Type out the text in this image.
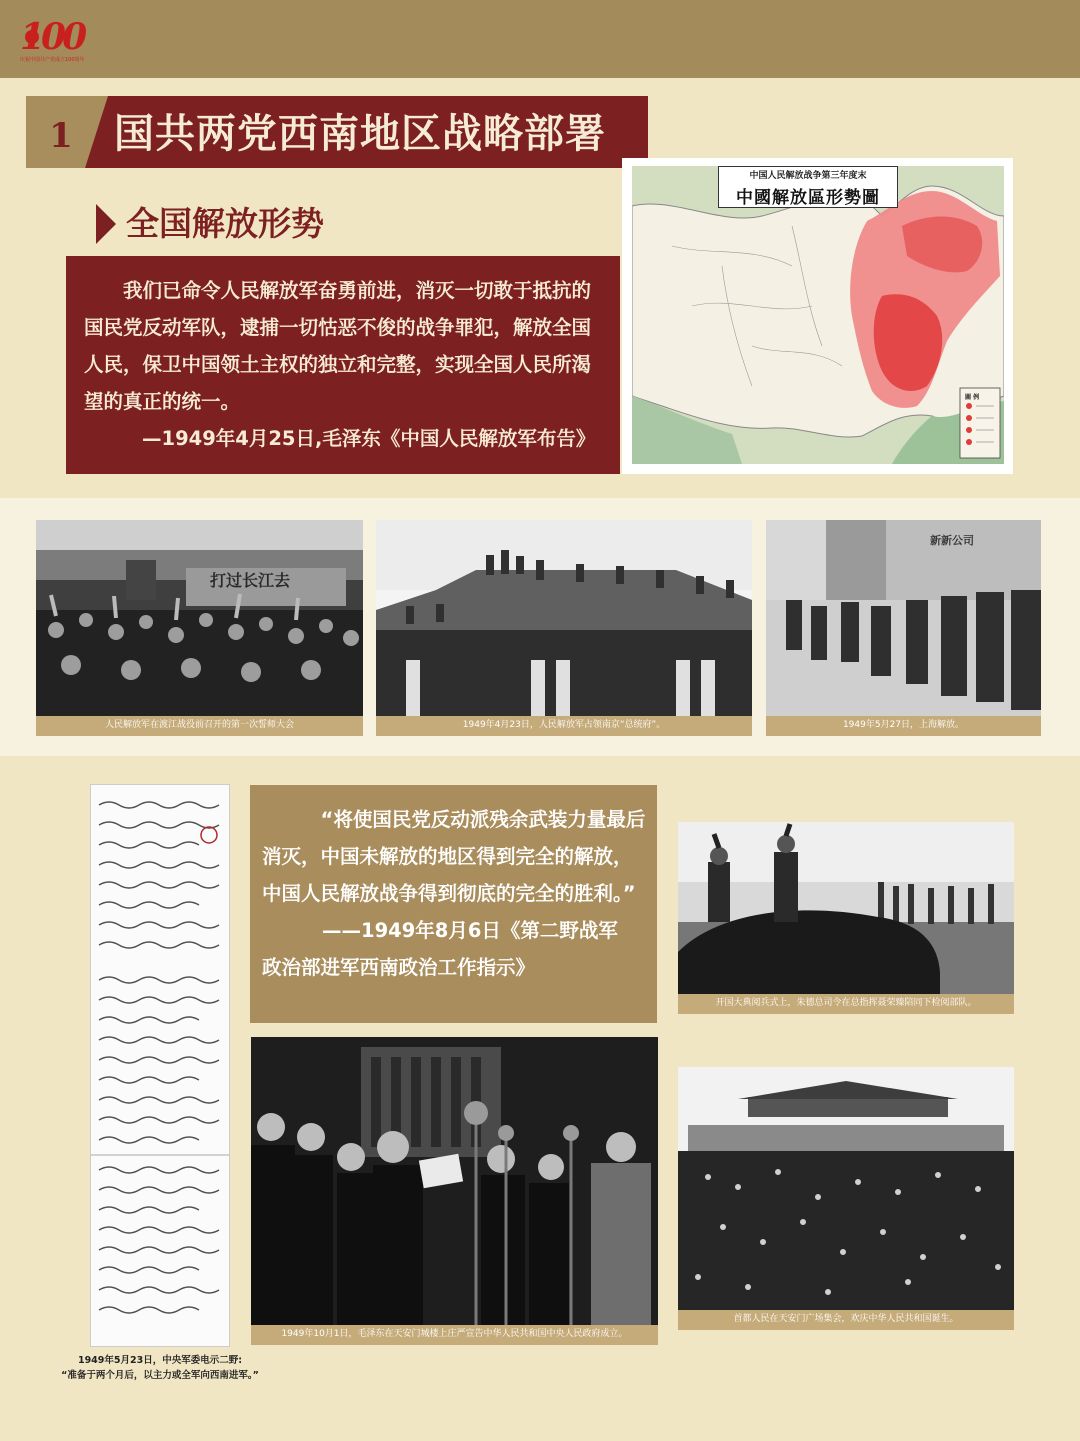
100
庆祝中国共产党成立100周年
1	国共两党西南地区战略部署
全国解放形势
我们已命令人民解放军奋勇前进，消灭一切敢于抵抗的国民党反动军队，逮捕一切怙恶不俊的战争罪犯，解放全国人民，保卫中国领土主权的独立和完整，实现全国人民所渴望的真正的统一。
—1949年4月25日,毛泽东《中国人民解放军布告》
圖 例
中国人民解放战争第三年度末
中國解放區形勢圖
打过长江去
人民解放军在渡江战役前召开的第一次誓师大会	1949年4月23日，人民解放军占领南京“总统府”。
新新公司
1949年5月27日，上海解放。
1949年5月23日，中央军委电示二野:
“准备于两个月后，以主力或全军向西南进军。”
“将使国民党反动派残余武装力量最后消灭，中国未解放的地区得到完全的解放，中国人民解放战争得到彻底的完全的胜利。”
——1949年8月6日《第二野战军
政治部进军西南政治工作指示》
1949年10月1日，毛泽东在天安门城楼上庄严宣告中华人民共和国中央人民政府成立。
开国大典阅兵式上，朱德总司令在总指挥聂荣臻陪同下检阅部队。
首都人民在天安门广场集会，欢庆中华人民共和国诞生。
